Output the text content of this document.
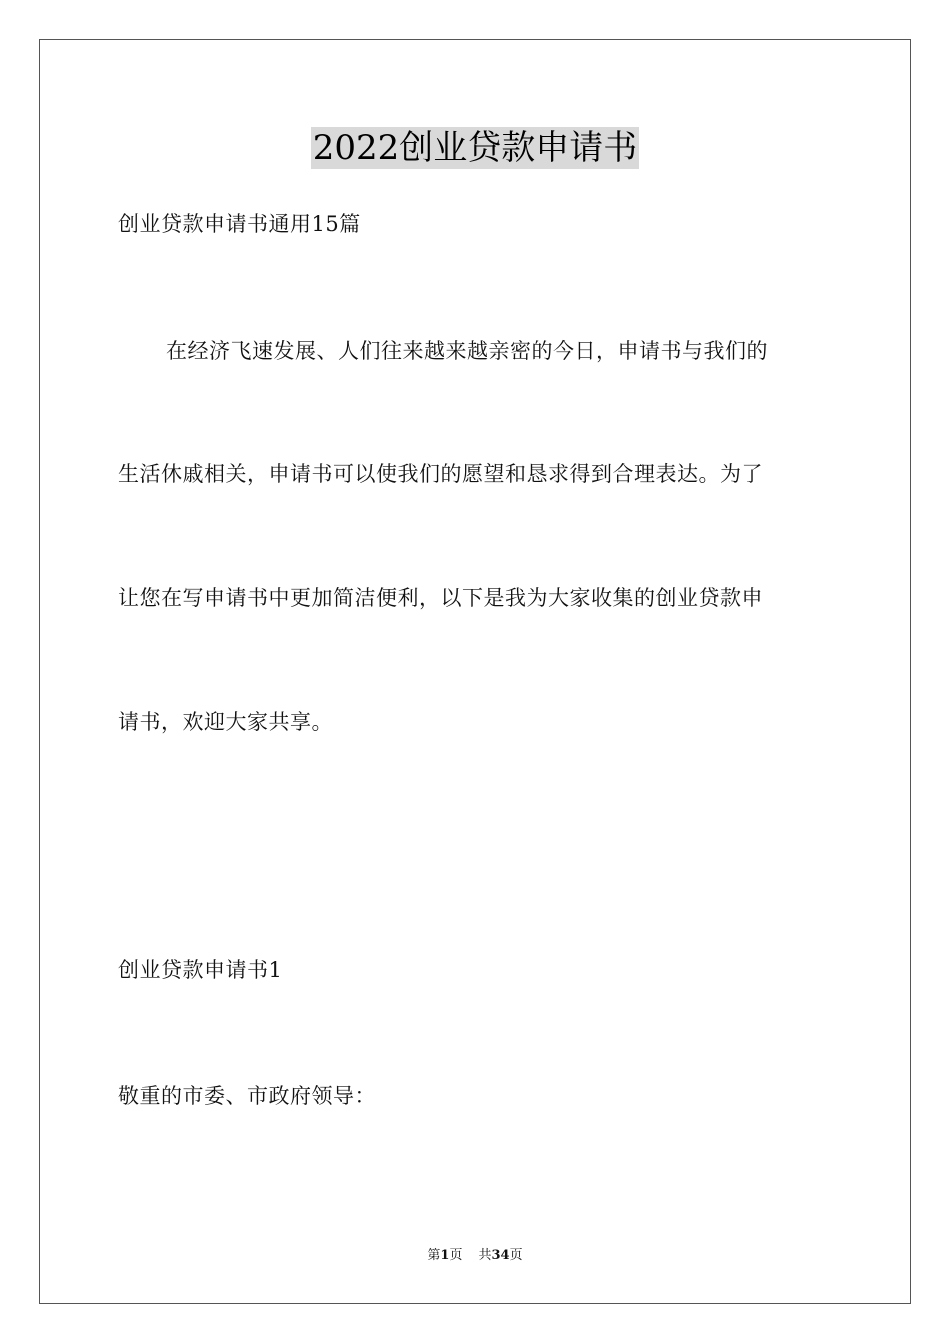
2022创业贷款申请书
创业贷款申请书通用15篇
在经济飞速发展、人们往来越来越亲密的今日，申请书与我们的
生活休戚相关，申请书可以使我们的愿望和恳求得到合理表达。为了
让您在写申请书中更加简洁便利，以下是我为大家收集的创业贷款申
请书，欢迎大家共享。
创业贷款申请书1
敬重的市委、市政府领导：
第1页 共34页
